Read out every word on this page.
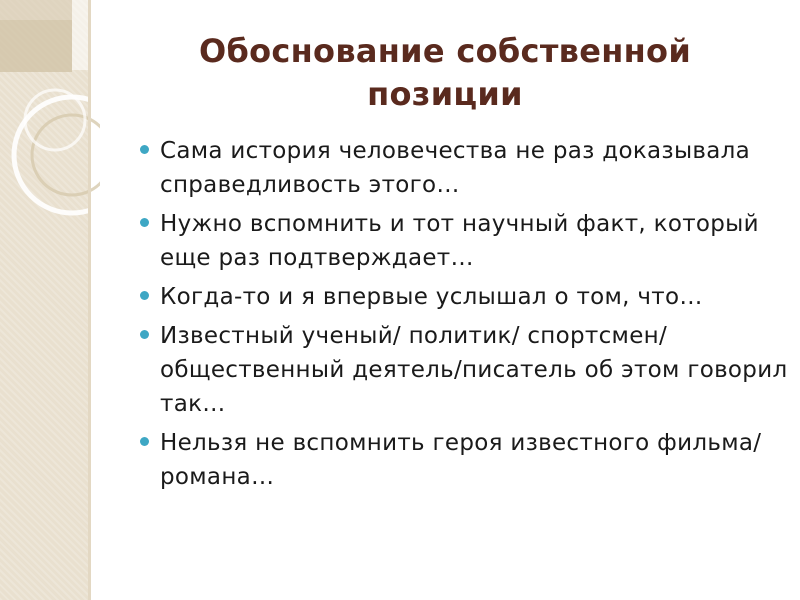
Обоснование собственной
позиции
Сама история человечества не раз доказывала справедливость этого…
Нужно вспомнить и тот научный факт, который еще раз подтверждает…
Когда-то и я впервые услышал о том, что…
Известный ученый/ политик/ спортсмен/ общественный деятель/писатель об этом говорил так…
Нельзя не вспомнить героя известного фильма/ романа…
